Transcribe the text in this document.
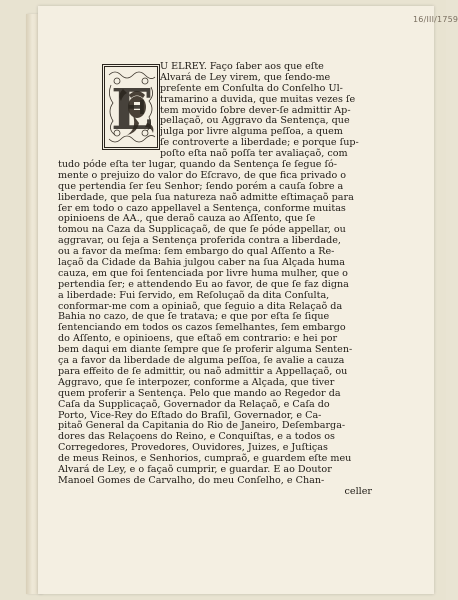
16/III/1759
E
U ELREY. Faço ſaber aos que eſte
Alvará de Ley virem, que ſendo-me
preſente em Conſulta do Conſelho Ul-
tramarino a duvida, que muitas vezes ſe
tem movido ſobre dever-ſe admittir Ap-
pellaçaõ, ou Aggravo da Sentença, que
julga por livre alguma peſſoa, a quem
ſe controverte a liberdade; e porque ſup-
poſto eſta naõ poſſa ter avaliaçaõ, com
tudo póde eſta ter lugar, quando da Sentença ſe ſegue ſó-
mente o prejuizo do valor do Eſcravo, de que fica privado o
que pertendia ſer ſeu Senhor; ſendo porém a cauſa ſobre a
liberdade, que pela ſua natureza naõ admitte eſtimaçaõ para
ſer em todo o cazo appellavel a Sentença, conforme muitas
opinioens de AA., que deraõ cauza ao Aſſento, que ſe
tomou na Caza da Supplicaçaõ, de que ſe póde appellar, ou
aggravar, ou ſeja a Sentença proferida contra a liberdade,
ou a favor da meſma: ſem embargo do qual Aſſento a Re-
laçaõ da Cidade da Bahia julgou caber na ſua Alçada huma
cauza, em que foi ſentenciada por livre huma mulher, que o
pertendia ſer; e attendendo Eu ao favor, de que ſe faz digna
a liberdade: Fui ſervido, em Reſoluçaõ da dita Conſulta,
conformar-me com a opiniaõ, que ſeguio a dita Relaçaõ da
Bahia no cazo, de que ſe tratava; e que por eſta ſe ſique
ſentenciando em todos os cazos ſemelhantes, ſem embargo
do Aſſento, e opinioens, que eſtaõ em contrario: e hei por
bem daqui em diante ſempre que ſe proferir alguma Senten-
ça a favor da liberdade de alguma peſſoa, ſe avalie a cauza
para effeito de ſe admittir, ou naõ admittir a Appellaçaõ, ou
Aggravo, que ſe interpozer, conforme a Alçada, que tiver
quem proferir a Sentença. Pelo que mando ao Regedor da
Caſa da Supplicaçaõ, Governador da Relaçaõ, e Caſa do
Porto, Vice-Rey do Eſtado do Braſil, Governador, e Ca-
pitaõ General da Capitania do Rio de Janeiro, Deſembarga-
dores das Relaçoens do Reino, e Conquiſtas, e a todos os
Corregedores, Provedores, Ouvidores, Juizes, e Juſtiças
de meus Reinos, e Senhorios, cumpraõ, e guardem eſte meu
Alvará de Ley, e o façaõ cumprir, e guardar. E ao Doutor
Manoel Gomes de Carvalho, do meu Conſelho, e Chan-
celler
